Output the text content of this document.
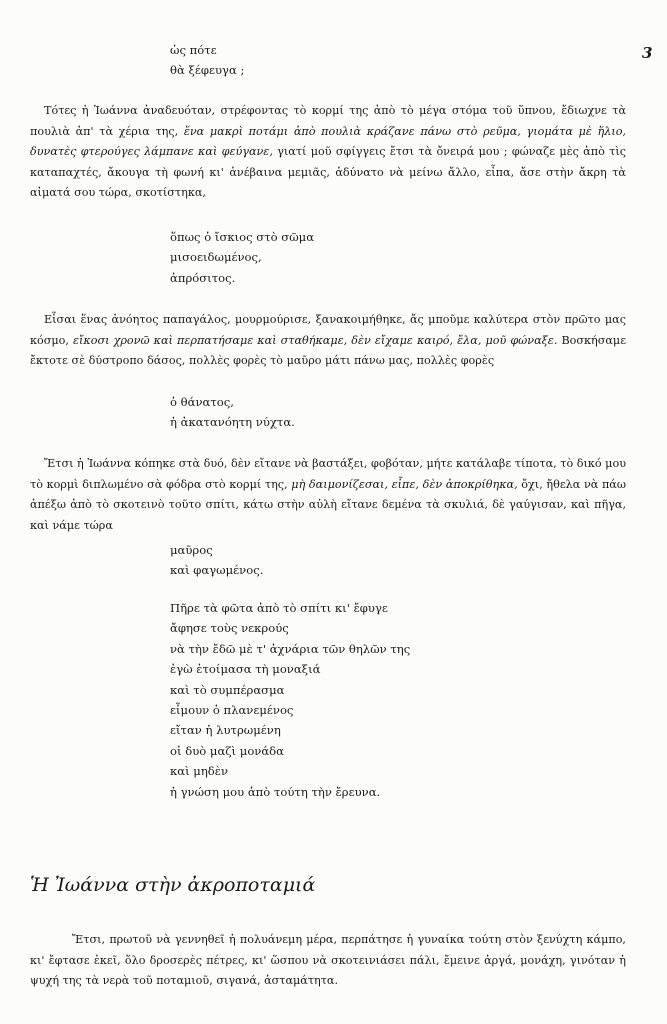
3
ὡς πότε
θὰ ξέφευγα ;

Τότες ἡ Ἰωάννα ἀναδευόταν, στρέφοντας τὸ κορμί της ἀπὸ τὸ μέγα στόμα τοῦ ὕπνου, ἔδιωχνε τὰ πουλιὰ ἀπ' τὰ χέρια της, ἕνα μακρὶ ποτάμι ἀπὸ πουλιὰ κράζανε πάνω στὸ ρεῦμα, γιομάτα μὲ ἥλιο, δυνατὲς φτερούγες λάμπανε καὶ φεύγανε, γιατί μοῦ σφίγγεις ἔτσι τὰ ὄνειρά μου ; φώναζε μὲς ἀπὸ τὶς καταπαχτές, ἄκουγα τὴ φωνή κι' ἀνέβαινα μεμιᾶς, ἀδύνατο νὰ μείνω ἄλλο, εἶπα, ἄσε στὴν ἄκρη τὰ αἰματά σου τώρα, σκοτίστηκα,

ὅπως ὁ ἴσκιος στὸ σῶμα
μισοειδωμένος,
ἀπρόσιτος.

Εἶσαι ἕνας ἀνόητος παπαγάλος, μουρμούρισε, ξανακοιμήθηκε, ἄς μποῦμε καλύτερα στὸν πρῶτο μας κόσμο, εἴκοσι χρονῶ καὶ περπατήσαμε καὶ σταθήκαμε, δὲν εἴχαμε καιρό, ἔλα, μοῦ φώναξε. Βοσκήσαμε ἔκτοτε σὲ δύστροπο δάσος, πολλὲς φορὲς τὸ μαῦρο μάτι πάνω μας, πολλὲς φορὲς

ὁ θάνατος,
ἡ ἀκατανόητη νύχτα.

Ἔτσι ἡ Ἰωάννα κόπηκε στὰ δυό, δὲν εἴτανε νὰ βαστάξει, φοβόταν, μήτε κατάλαβε τίποτα, τὸ δικό μου τὸ κορμὶ διπλωμένο σὰ φόδρα στὸ κορμί της, μὴ δαιμονίζεσαι, εἶπε, δὲν ἀποκρίθηκα, ὄχι, ἤθελα νὰ πάω ἀπέξω ἀπὸ τὸ σκοτεινὸ τοῦτο σπίτι, κάτω στὴν αὐλὴ εἴτανε δεμένα τὰ σκυλιά, δὲ γαύγισαν, καὶ πῆγα, καὶ νάμε τώρα

μαῦρος
καὶ φαγωμένος.
Πῆρε τὰ φῶτα ἀπὸ τὸ σπίτι κι' ἔφυγε
ἄφησε τοὺς νεκρούς
νὰ τὴν ἔδῶ μὲ τ' ἀχνάρια τῶν θηλῶν της
ἐγὼ ἐτοίμασα τὴ μοναξιά
καὶ τὸ συμπέρασμα
εἶμουν ὁ πλανεμένος
εἴταν ἡ λυτρωμένη
οἱ δυὸ μαζὶ μονάδα
καὶ μηδὲν
ἡ γνώση μου ἀπὸ τούτη τὴν ἔρευνα.
Ἡ Ἰωάννα στὴν ἀκροποταμιά

Ἔτσι, πρωτοῦ νὰ γεννηθεῖ ἡ πολυάνεμη μέρα, περπάτησε ἡ γυναίκα τούτη στὸν ξενύχτη κάμπο, κι' ἔφτασε ἐκεῖ, ὅλο δροσερὲς πέτρες, κι' ὥσπου νὰ σκοτεινιάσει πάλι, ἔμεινε ἀργά, μονάχη, γινόταν ἡ ψυχή της τὰ νερὰ τοῦ ποταμιοῦ, σιγανά, ἀσταμάτητα.
